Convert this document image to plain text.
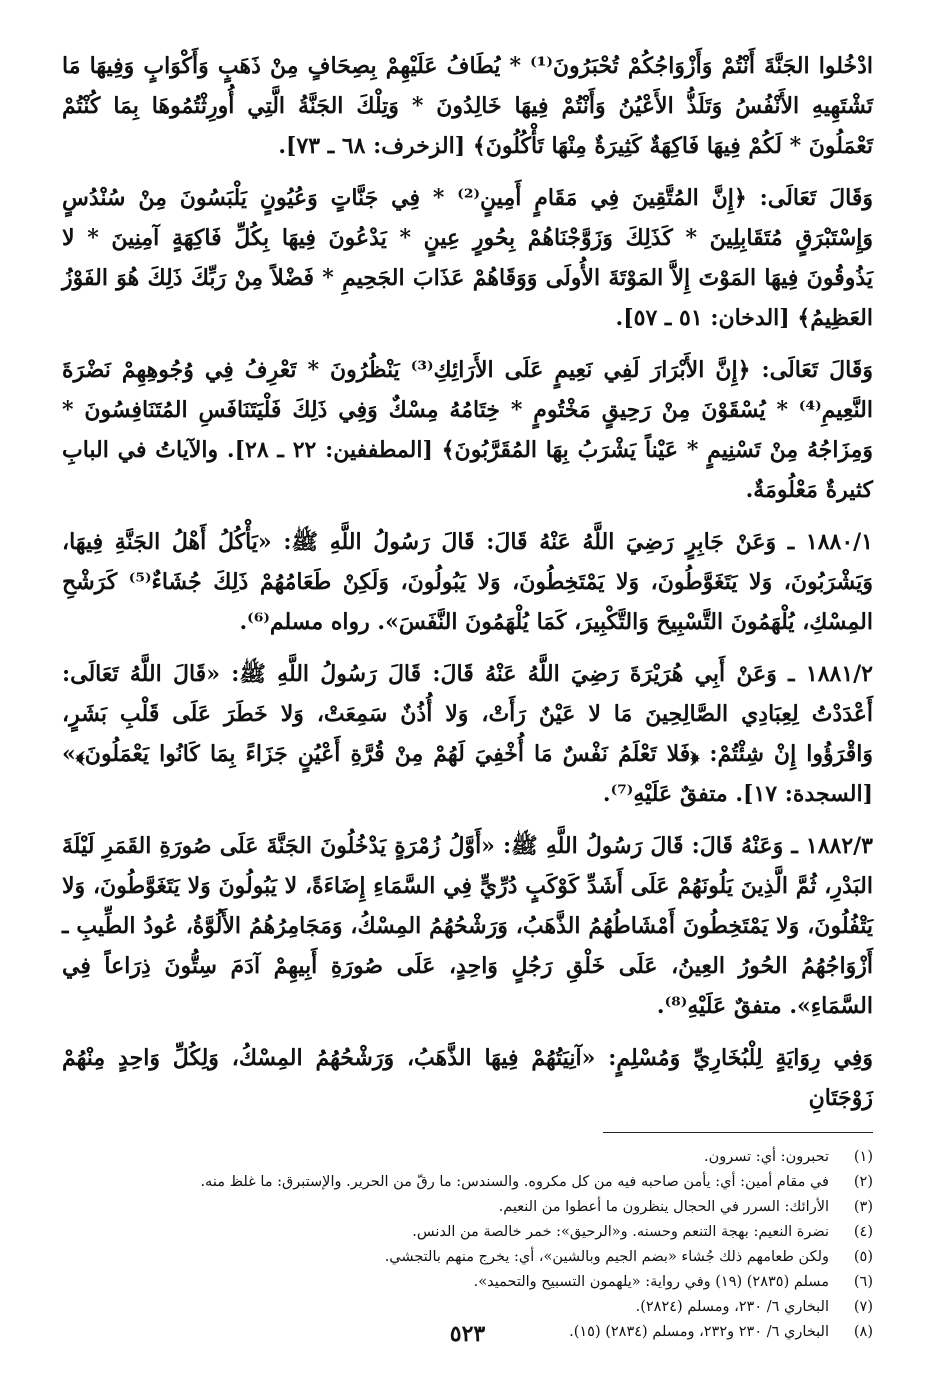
ادْخُلوا الجَنَّةَ أَنْتُمْ وَأَزْوَاجُكُمْ تُحْبَرُونَ⁽¹⁾ * يُطَافُ عَلَيْهِمْ بِصِحَافٍ مِنْ ذَهَبٍ وَأَكْوَابٍ وَفِيهَا مَا تَشْتَهِيهِ الأَنْفُسُ وَتَلَذُّ الأَعْيُنُ وَأَنْتُمْ فِيهَا خَالِدُونَ * وَتِلْكَ الجَنَّةُ الَّتِي أُورِثْتُمُوهَا بِمَا كُنْتُمْ تَعْمَلُونَ * لَكُمْ فِيهَا فَاكِهَةٌ كَثِيرَةٌ مِنْهَا تَأْكُلُونَ﴾ [الزخرف: ٦٨ ـ ٧٣].

وَقَالَ تَعَالَى: ﴿إِنَّ المُتَّقِينَ فِي مَقَامٍ أَمِينٍ⁽²⁾ * فِي جَنَّاتٍ وَعُيُونٍ يَلْبَسُونَ مِنْ سُنْدُسٍ وَإِسْتَبْرَقٍ مُتَقَابِلِينَ * كَذَلِكَ وَزَوَّجْنَاهُمْ بِحُورٍ عِينٍ * يَدْعُونَ فِيهَا بِكُلِّ فَاكِهَةٍ آمِنِينَ * لا يَذُوقُونَ فِيهَا المَوْتَ إِلاَّ المَوْتَةَ الأُولَى وَوَقَاهُمْ عَذَابَ الجَحِيمِ * فَضْلاً مِنْ رَبِّكَ ذَلِكَ هُوَ الفَوْزُ العَظِيمُ﴾ [الدخان: ٥١ ـ ٥٧].

وَقَالَ تَعَالَى: ﴿إِنَّ الأَبْرَارَ لَفِي نَعِيمٍ عَلَى الأَرَائِكِ⁽³⁾ يَنْظُرُونَ * تَعْرِفُ فِي وُجُوهِهِمْ نَضْرَةَ النَّعِيمِ⁽⁴⁾ * يُسْقَوْنَ مِنْ رَحِيقٍ مَخْتُومٍ * خِتَامُهُ مِسْكٌ وَفِي ذَلِكَ فَلْيَتَنَافَسِ المُتَنَافِسُونَ * وَمِزَاجُهُ مِنْ تَسْنِيمٍ * عَيْناً يَشْرَبُ بِهَا المُقَرَّبُونَ﴾ [المطففين: ٢٢ ـ ٢٨]. والآياتُ في البابِ كثيرةٌ مَعْلُومَةٌ.

١٨٨٠/١ ـ وَعَنْ جَابِرٍ رَضِيَ اللَّهُ عَنْهُ قَالَ: قَالَ رَسُولُ اللَّهِ ﷺ: «يَأْكُلُ أَهْلُ الجَنَّةِ فِيهَا، وَيَشْرَبُونَ، وَلا يَتَغَوَّطُونَ، وَلا يَمْتَخِطُونَ، وَلا يَبُولُونَ، وَلَكِنْ طَعَامُهُمْ ذَلِكَ جُشَاءٌ⁽⁵⁾ كَرَشْحِ المِسْكِ، يُلْهَمُونَ التَّسْبِيحَ وَالتَّكْبِيرَ، كَمَا يُلْهَمُونَ النَّفَسَ». رواه مسلم⁽⁶⁾.

١٨٨١/٢ ـ وَعَنْ أَبِي هُرَيْرَةَ رَضِيَ اللَّهُ عَنْهُ قَالَ: قَالَ رَسُولُ اللَّهِ ﷺ: «قَالَ اللَّهُ تَعَالَى: أَعْدَدْتُ لِعِبَادِي الصَّالِحِينَ مَا لا عَيْنٌ رَأَتْ، وَلا أُذُنٌ سَمِعَتْ، وَلا خَطَرَ عَلَى قَلْبِ بَشَرٍ، وَاقْرَؤُوا إِنْ شِئْتُمْ: ﴿فَلا تَعْلَمُ نَفْسٌ مَا أُخْفِيَ لَهُمْ مِنْ قُرَّةِ أَعْيُنٍ جَزَاءً بِمَا كَانُوا يَعْمَلُونَ﴾» [السجدة: ١٧]. متفقٌ عَلَيْهِ⁽⁷⁾.

١٨٨٢/٣ ـ وَعَنْهُ قَالَ: قَالَ رَسُولُ اللَّهِ ﷺ: «أَوَّلُ زُمْرَةٍ يَدْخُلُونَ الجَنَّةَ عَلَى صُورَةِ القَمَرِ لَيْلَةَ البَدْرِ، ثُمَّ الَّذِينَ يَلُونَهُمْ عَلَى أَشَدِّ كَوْكَبٍ دُرِّيٍّ فِي السَّمَاءِ إِضَاءَةً، لا يَبُولُونَ وَلا يَتَغَوَّطُونَ، وَلا يَتْفُلُونَ، وَلا يَمْتَخِطُونَ أَمْشَاطُهُمُ الذَّهَبُ، وَرَشْحُهُمُ المِسْكُ، وَمَجَامِرُهُمُ الأَلُوَّةُ، عُودُ الطِّيبِ ـ أَزْوَاجُهُمُ الحُورُ العِينُ، عَلَى خَلْقِ رَجُلٍ وَاحِدٍ، عَلَى صُورَةِ أَبِيهِمْ آدَمَ سِتُّونَ ذِرَاعاً فِي السَّمَاءِ». متفقٌ عَلَيْهِ⁽⁸⁾.

وَفِي رِوَايَةٍ لِلْبُخَارِيِّ وَمُسْلِمٍ: «آنِيَتُهُمْ فِيهَا الذَّهَبُ، وَرَشْحُهُمُ المِسْكُ، وَلِكُلِّ وَاحِدٍ مِنْهُمْ زَوْجَتَانِ

(١)
تحبرون: أي: تسرون.
(٢)
في مقام أمين: أي: يأمن صاحبه فيه من كل مكروه. والسندس: ما رقّ من الحرير. والإستبرق: ما غلظ منه.
(٣)
الأرائك: السرر في الحجال ينظرون ما أعطوا من النعيم.
(٤)
نضرة النعيم: بهجة التنعم وحسنه. و«الرحيق»: خمر خالصة من الدنس.
(٥)
ولكن طعامهم ذلك جُشاء «بضم الجيم وبالشين»، أي: يخرج منهم بالتجشي.
(٦)
مسلم (٢٨٣٥) (١٩) وفي رواية: «يلهمون التسبيح والتحميد».
(٧)
البخاري ٦/ ٢٣٠، ومسلم (٢٨٢٤).
(٨)
البخاري ٦/ ٢٣٠ و٢٣٢، ومسلم (٢٨٣٤) (١٥).
٥٢٣
